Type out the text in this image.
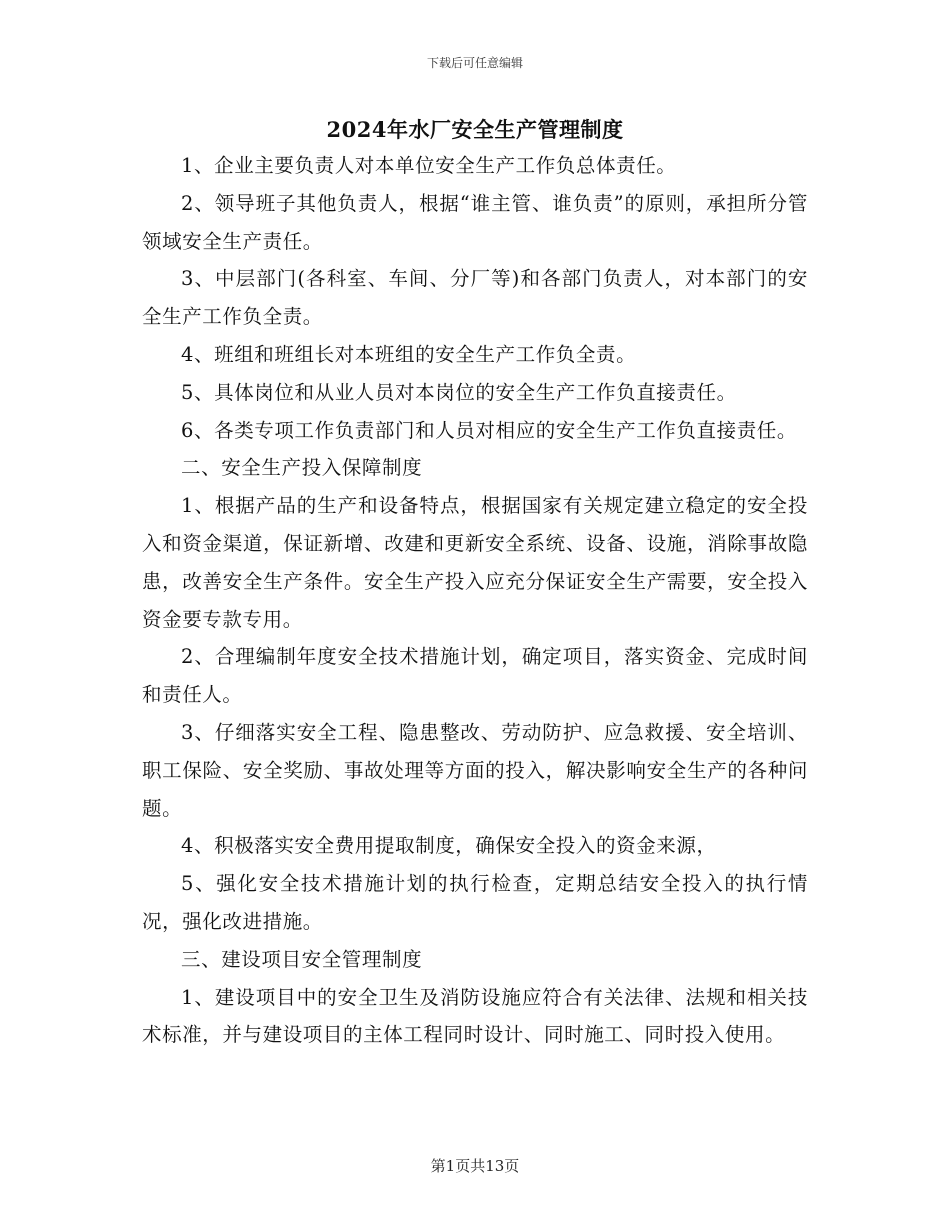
下载后可任意编辑
2024年水厂安全生产管理制度

1、企业主要负责人对本单位安全生产工作负总体责任。

2、领导班子其他负责人，根据“谁主管、谁负责”的原则，承担所分管领域安全生产责任。

3、中层部门(各科室、车间、分厂等)和各部门负责人，对本部门的安全生产工作负全责。

4、班组和班组长对本班组的安全生产工作负全责。

5、具体岗位和从业人员对本岗位的安全生产工作负直接责任。

6、各类专项工作负责部门和人员对相应的安全生产工作负直接责任。

二、安全生产投入保障制度

1、根据产品的生产和设备特点，根据国家有关规定建立稳定的安全投入和资金渠道，保证新增、改建和更新安全系统、设备、设施，消除事故隐患，改善安全生产条件。安全生产投入应充分保证安全生产需要，安全投入资金要专款专用。

2、合理编制年度安全技术措施计划，确定项目，落实资金、完成时间和责任人。

3、仔细落实安全工程、隐患整改、劳动防护、应急救援、安全培训、职工保险、安全奖励、事故处理等方面的投入，解决影响安全生产的各种问题。

4、积极落实安全费用提取制度，确保安全投入的资金来源，

5、强化安全技术措施计划的执行检查，定期总结安全投入的执行情况，强化改进措施。

三、建设项目安全管理制度

1、建设项目中的安全卫生及消防设施应符合有关法律、法规和相关技术标准，并与建设项目的主体工程同时设计、同时施工、同时投入使用。

第1页共13页
